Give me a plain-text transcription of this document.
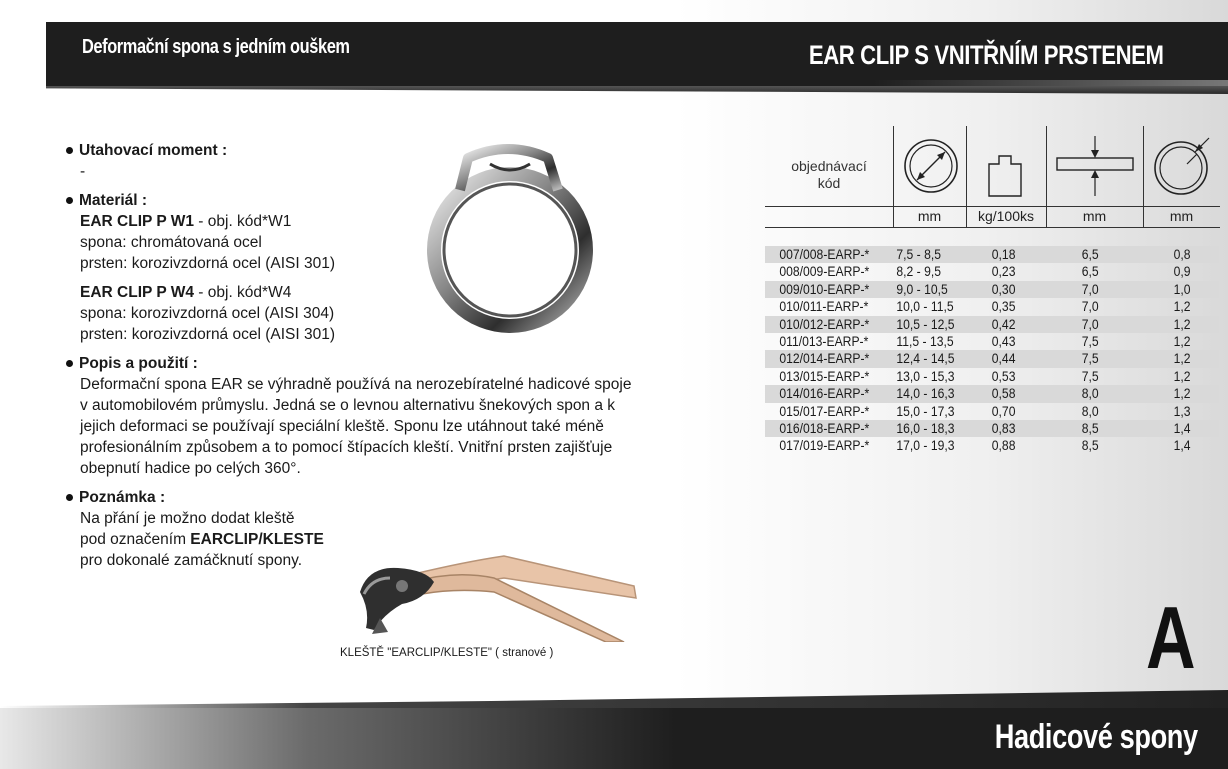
Deformační spona s jedním ouškem	EAR CLIP S VNITŘNÍM PRSTENEM
Utahovací moment :
-
Materiál :
EAR CLIP P W1 - obj. kód*W1
spona: chromátovaná ocel
prsten: korozivzdorná ocel (AISI 301)
EAR CLIP P W4 - obj. kód*W4
spona: korozivzdorná ocel (AISI 304)
prsten: korozivzdorná ocel (AISI 301)
Popis a použití :
Deformační spona EAR se výhradně používá na nerozebíratelné hadicové spoje
v automobilovém průmyslu. Jedná se o levnou alternativu šnekových spon a k
jejich deformaci se používají speciální kleště. Sponu lze utáhnout také méně
profesionálním způsobem a to pomocí štípacích kleští. Vnitřní prsten zajišťuje
obepnutí hadice po celých 360°.
Poznámka :
Na přání je možno dodat kleště
pod označením EARCLIP/KLESTE
pro dokonalé zamáčknutí spony.
KLEŠTĚ "EARCLIP/KLESTE" ( stranové )
objednávací
kód
mm	kg/100ks	mm	mm
007/008-EARP-* 7,5 - 8,5	0,18	6,5	0,8
008/009-EARP-* 8,2 - 9,5	0,23	6,5	0,9
009/010-EARP-* 9,0 - 10,5	0,30	7,0	1,0
010/011-EARP-* 10,0 - 11,5	0,35	7,0	1,2
010/012-EARP-* 10,5 - 12,5	0,42	7,0	1,2
011/013-EARP-* 11,5 - 13,5	0,43	7,5	1,2
012/014-EARP-* 12,4 - 14,5	0,44	7,5	1,2
013/015-EARP-* 13,0 - 15,3	0,53	7,5	1,2
014/016-EARP-* 14,0 - 16,3	0,58	8,0	1,2
015/017-EARP-* 15,0 - 17,3	0,70	8,0	1,3
016/018-EARP-* 16,0 - 18,3	0,83	8,5	1,4
017/019-EARP-* 17,0 - 19,3	0,88	8,5	1,4
A
Hadicové spony
